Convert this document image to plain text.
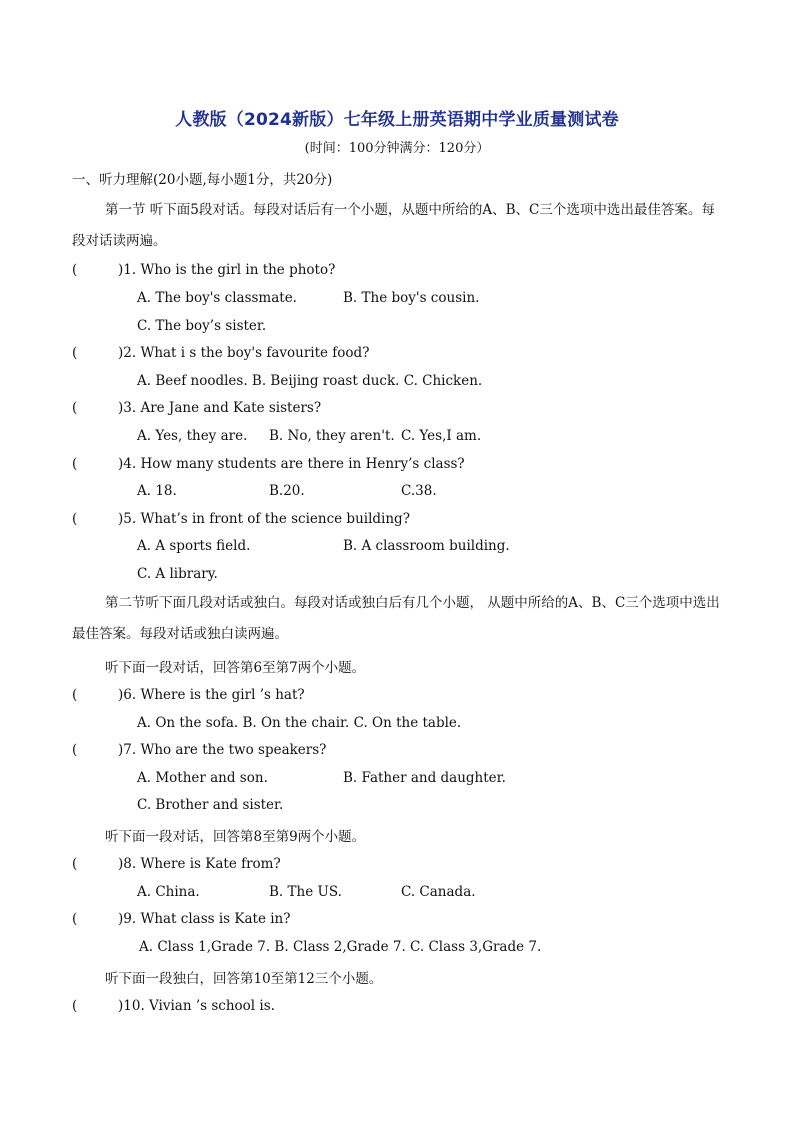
人教版（2024新版）七年级上册英语期中学业质量测试卷
(时间：100分钟满分：120分）
一、听力理解(20小题,每小题1分，共20分)
第一节 听下面5段对话。每段对话后有一个小题，从题中所给的A、B、C三个选项中选出最佳答案。每段对话读两遍。
(	)1. Who is the girl in the photo?
A. The boy's classmate.	B. The boy's cousin.
C. The boy’s sister.
(	)2. What i s the boy's favourite food?
A. Beef noodles. B. Beijing roast duck. C. Chicken.
(	)3. Are Jane and Kate sisters?
A. Yes, they are. B. No, they aren't. C. Yes,I am.
(	)4. How many students are there in Henry’s class?
A. 18.	B.20.	C.38.
(	)5. What’s in front of the science building?
A. A sports field.	B. A classroom building.
C. A library.
第二节听下面几段对话或独白。每段对话或独白后有几个小题， 从题中所给的A、B、C三个选项中选出最佳答案。每段对话或独白读两遍。
听下面一段对话，回答第6至第7两个小题。
(	)6. Where is the girl ’s hat?
A. On the sofa. B. On the chair. C. On the table.
(	)7. Who are the two speakers?
A. Mother and son.	B. Father and daughter.
C. Brother and sister.
听下面一段对话，回答第8至第9两个小题。
(	)8. Where is Kate from?
A. China.	B. The US.	C. Canada.
(	)9. What class is Kate in?
A. Class 1,Grade 7. B. Class 2,Grade 7. C. Class 3,Grade 7.
听下面一段独白，回答第10至第12三个小题。
(	)10. Vivian ’s school is.
